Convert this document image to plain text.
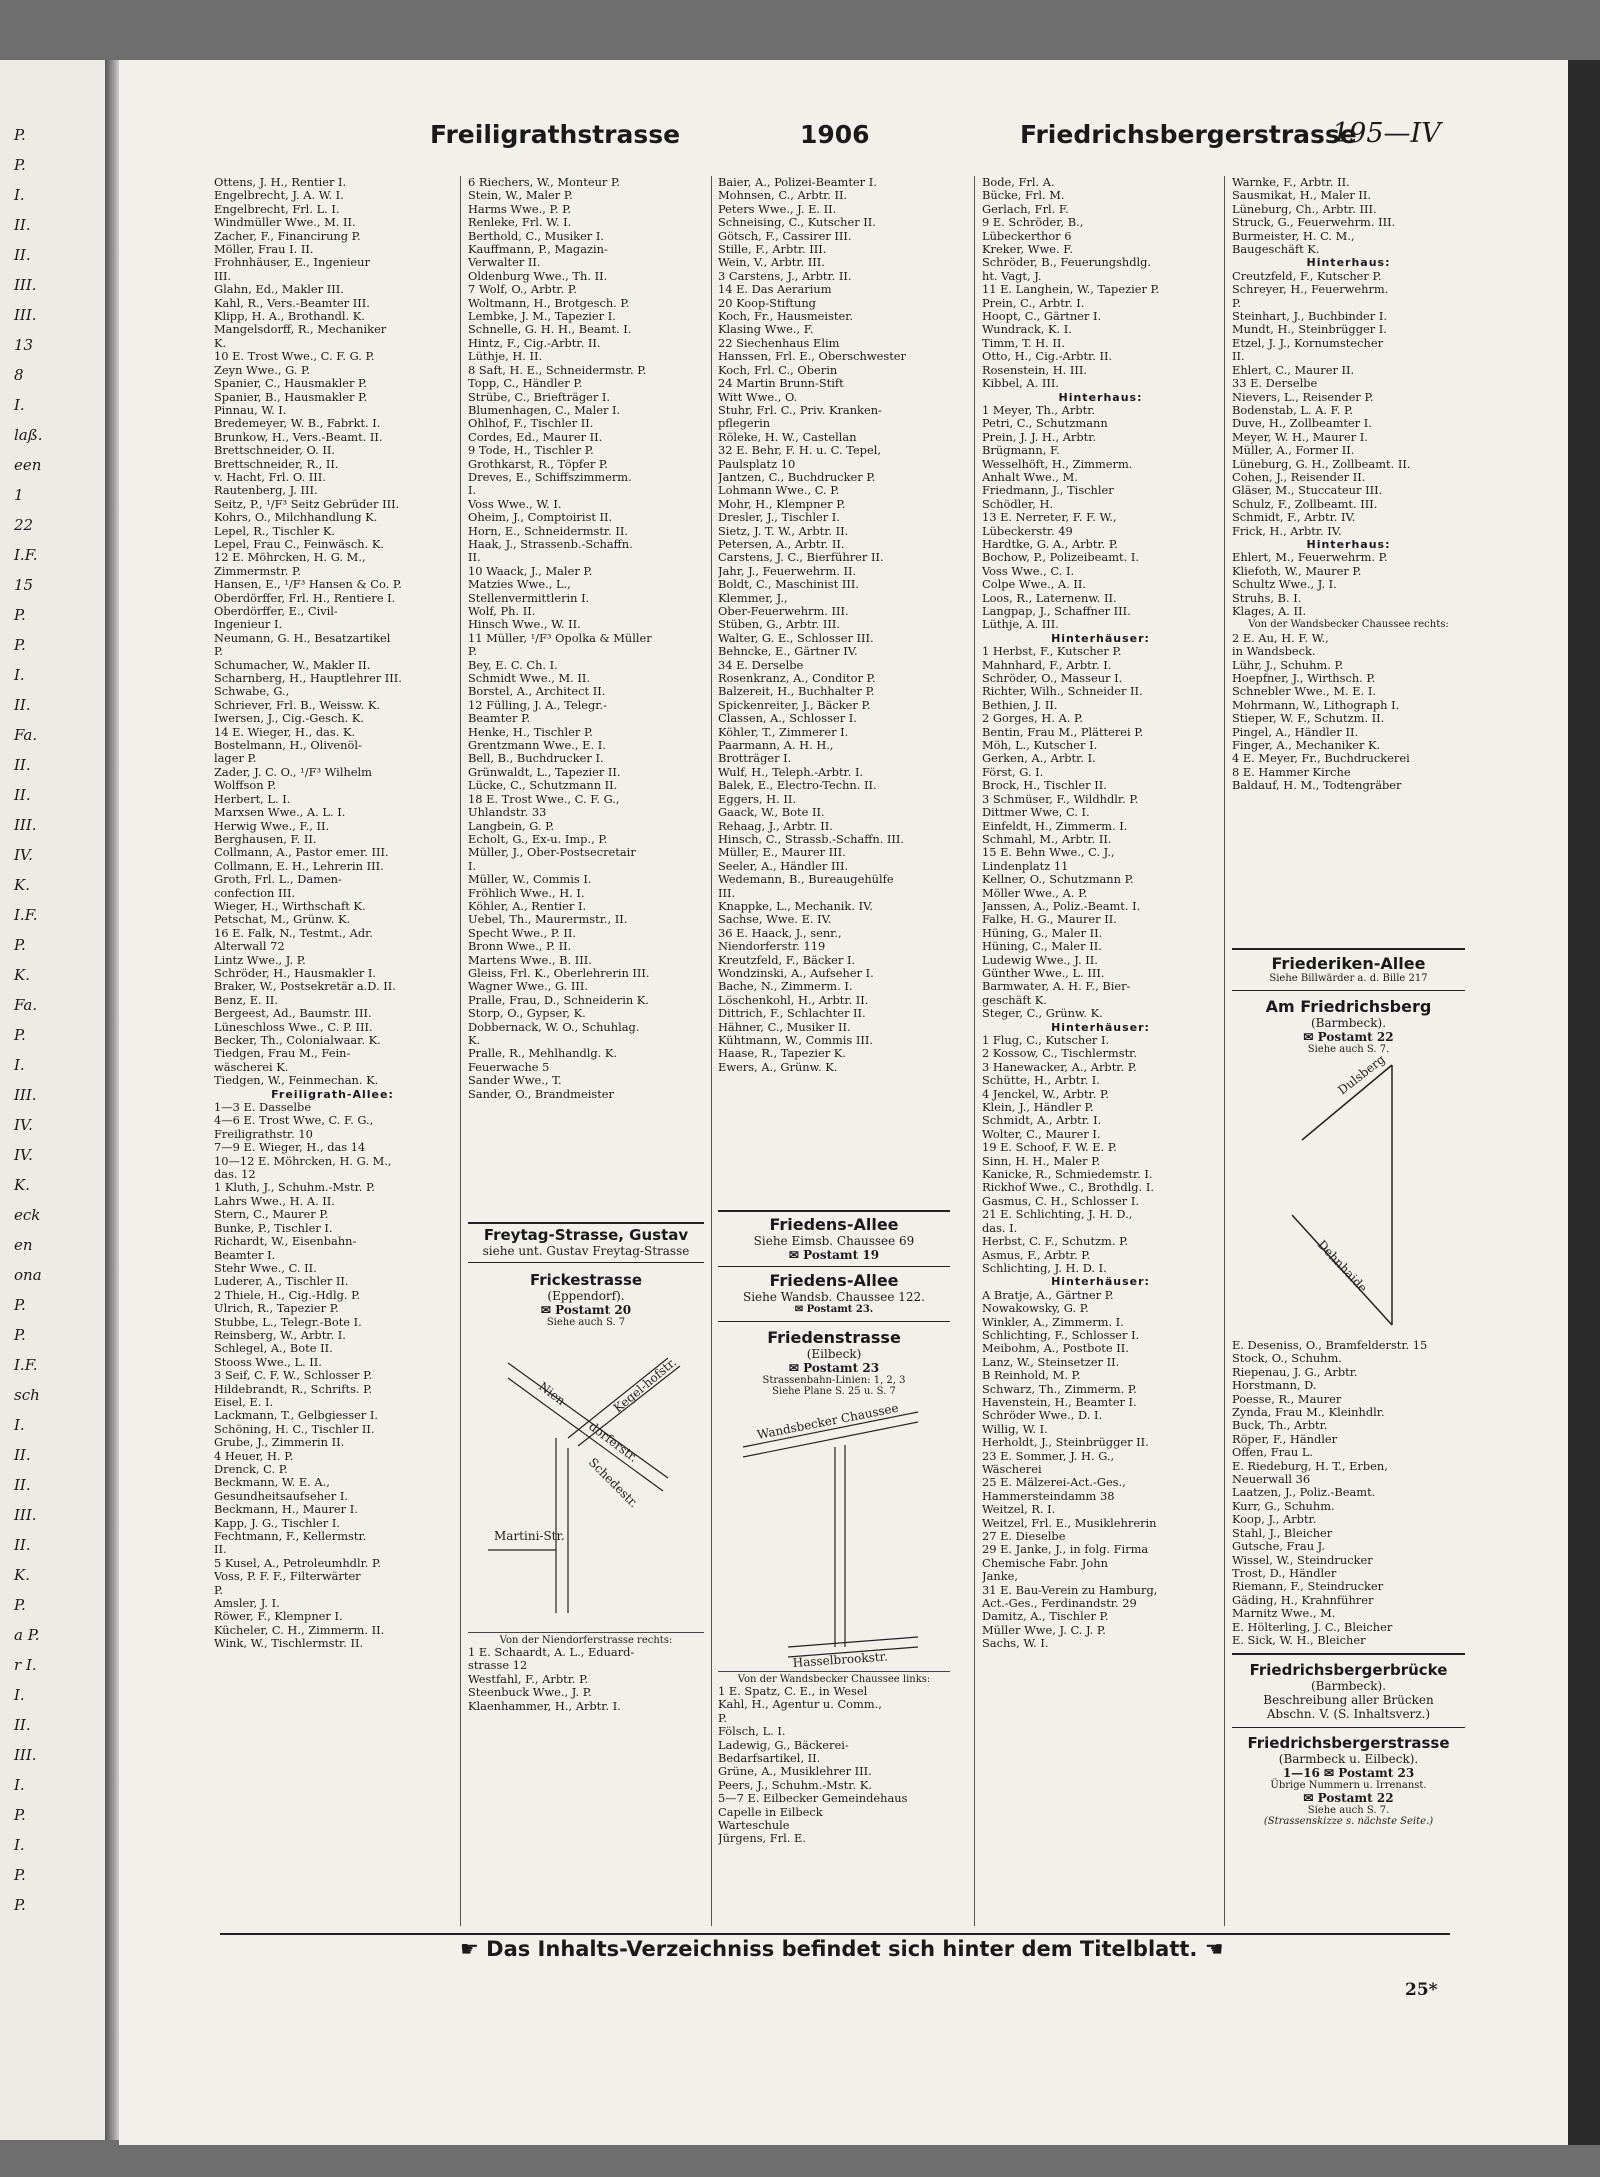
P.
P.
I.
II.
II.
III.
III.
13
8
I.
laß.
een
1
22
I.F.
15
P.
P.
I.
II.
Fa.
II.
II.
III.
IV.
K.
I.F.
P.
K.
Fa.
P.
I.
III.
IV.
IV.
K.
eck
en
ona
P.
P.
I.F.
sch
I.
II.
II.
III.
II.
K.
P.
a P.
r I.
I.
II.
III.
I.
P.
I.
P.
P.
Freiligrathstrasse	1906	Friedrichsbergerstrasse
195—IV
Ottens, J. H., Rentier I.
Engelbrecht, J. A. W. I.
Engelbrecht, Frl. L. I.
Windmüller Wwe., M. II.
Zacher, F., Financirung P.
Möller, Frau I. II.
Frohnhäuser, E., Ingenieur
III.
Glahn, Ed., Makler III.
Kahl, R., Vers.-Beamter III.
Klipp, H. A., Brothandl. K.
Mangelsdorff, R., Mechaniker
K.
10 E. Trost Wwe., C. F. G. P.
Zeyn Wwe., G. P.
Spanier, C., Hausmakler P.
Spanier, B., Hausmakler P.
Pinnau, W. I.
Bredemeyer, W. B., Fabrkt. I.
Brunkow, H., Vers.-Beamt. II.
Brettschneider, O. II.
Brettschneider, R., II.
v. Hacht, Frl. O. III.
Rautenberg, J. III.
Seitz, P., ¹/F³ Seitz Gebrüder III.
Kohrs, O., Milchhandlung K.
Lepel, R., Tischler K.
Lepel, Frau C., Feinwäsch. K.
12 E. Möhrcken, H. G. M.,
Zimmermstr. P.
Hansen, E., ¹/F³ Hansen & Co. P.
Oberdörffer, Frl. H., Rentiere I.
Oberdörffer, E., Civil-
Ingenieur I.
Neumann, G. H., Besatzartikel
P.
Schumacher, W., Makler II.
Scharnberg, H., Hauptlehrer III.
Schwabe, G.,
Schriever, Frl. B., Weissw. K.
Iwersen, J., Cig.-Gesch. K.
14 E. Wieger, H., das. K.
Bostelmann, H., Olivenöl-
lager P.
Zader, J. C. O., ¹/F³ Wilhelm
Wolffson P.
Herbert, L. I.
Marxsen Wwe., A. L. I.
Herwig Wwe., F., II.
Berghausen, F. II.
Collmann, A., Pastor emer. III.
Collmann, E. H., Lehrerin III.
Groth, Frl. L., Damen-
confection III.
Wieger, H., Wirthschaft K.
Petschat, M., Grünw. K.
16 E. Falk, N., Testmt., Adr.
Alterwall 72
Lintz Wwe., J. P.
Schröder, H., Hausmakler I.
Braker, W., Postsekretär a.D. II.
Benz, E. II.
Bergeest, Ad., Baumstr. III.
Lüneschloss Wwe., C. P. III.
Becker, Th., Colonialwaar. K.
Tiedgen, Frau M., Fein-
wäscherei K.
Tiedgen, W., Feinmechan. K.
Freiligrath-Allee:
1—3 E. Dasselbe
4—6 E. Trost Wwe, C. F. G.,
Freiligrathstr. 10
7—9 E. Wieger, H., das 14
10—12 E. Möhrcken, H. G. M.,
das. 12
1 Kluth, J., Schuhm.-Mstr. P.
Lahrs Wwe., H. A. II.
Stern, C., Maurer P.
Bunke, P., Tischler I.
Richardt, W., Eisenbahn-
Beamter I.
Stehr Wwe., C. II.
Luderer, A., Tischler II.
2 Thiele, H., Cig.-Hdlg. P.
Ulrich, R., Tapezier P.
Stubbe, L., Telegr.-Bote I.
Reinsberg, W., Arbtr. I.
Schlegel, A., Bote II.
Stooss Wwe., L. II.
3 Seif, C. F. W., Schlosser P.
Hildebrandt, R., Schrifts. P.
Eisel, E. I.
Lackmann, T., Gelbgiesser I.
Schöning, H. C., Tischler II.
Grube, J., Zimmerin II.
4 Heuer, H. P.
Drenck, C. P.
Beckmann, W. E. A.,
Gesundheitsaufseher I.
Beckmann, H., Maurer I.
Kapp, J. G., Tischler I.
Fechtmann, F., Kellermstr.
II.
5 Kusel, A., Petroleumhdlr. P.
Voss, P. F. F., Filterwärter
P.
Amsler, J. I.
Röwer, F., Klempner I.
Kücheler, C. H., Zimmerm. II.
Wink, W., Tischlermstr. II.
6 Riechers, W., Monteur P.
Stein, W., Maler P.
Harms Wwe., P. P.
Renleke, Frl. W. I.
Berthold, C., Musiker I.
Kauffmann, P., Magazin-
Verwalter II.
Oldenburg Wwe., Th. II.
7 Wolf, O., Arbtr. P.
Woltmann, H., Brotgesch. P.
Lembke, J. M., Tapezier I.
Schnelle, G. H. H., Beamt. I.
Hintz, F., Cig.-Arbtr. II.
Lüthje, H. II.
8 Saft, H. E., Schneidermstr. P.
Topp, C., Händler P.
Strübe, C., Briefträger I.
Blumenhagen, C., Maler I.
Ohlhof, F., Tischler II.
Cordes, Ed., Maurer II.
9 Tode, H., Tischler P.
Grothkarst, R., Töpfer P.
Dreves, E., Schiffszimmerm.
I.
Voss Wwe., W. I.
Oheim, J., Comptoirist II.
Horn, E., Schneidermstr. II.
Haak, J., Strassenb.-Schaffn.
II.
10 Waack, J., Maler P.
Matzies Wwe., L.,
Stellenvermittlerin I.
Wolf, Ph. II.
Hinsch Wwe., W. II.
11 Müller, ¹/F³ Opolka & Müller
P.
Bey, E. C. Ch. I.
Schmidt Wwe., M. II.
Borstel, A., Architect II.
12 Fülling, J. A., Telegr.-
Beamter P.
Henke, H., Tischler P.
Grentzmann Wwe., E. I.
Bell, B., Buchdrucker I.
Grünwaldt, L., Tapezier II.
Lücke, C., Schutzmann II.
18 E. Trost Wwe., C. F. G.,
Uhlandstr. 33
Langbein, G. P.
Echolt, G., Ex-u. Imp., P.
Müller, J., Ober-Postsecretair
I.
Müller, W., Commis I.
Fröhlich Wwe., H. I.
Köhler, A., Rentier I.
Uebel, Th., Maurermstr., II.
Specht Wwe., P. II.
Bronn Wwe., P. II.
Martens Wwe., B. III.
Gleiss, Frl. K., Oberlehrerin III.
Wagner Wwe., G. III.
Pralle, Frau, D., Schneiderin K.
Storp, O., Gypser, K.
Dobbernack, W. O., Schuhlag.
K.
Pralle, R., Mehlhandlg. K.
Feuerwache 5
Sander Wwe., T.
Sander, O., Brandmeister
Baier, A., Polizei-Beamter I.
Mohnsen, C., Arbtr. II.
Peters Wwe., J. E. II.
Schneising, C., Kutscher II.
Götsch, F., Cassirer III.
Stille, F., Arbtr. III.
Wein, V., Arbtr. III.
3 Carstens, J., Arbtr. II.
14 E. Das Aerarium
20 Koop-Stiftung
Koch, Fr., Hausmeister.
Klasing Wwe., F.
22 Siechenhaus Elim
Hanssen, Frl. E., Oberschwester
Koch, Frl. C., Oberin
24 Martin Brunn-Stift
Witt Wwe., O.
Stuhr, Frl. C., Priv. Kranken-
pflegerin
Röleke, H. W., Castellan
32 E. Behr, F. H. u. C. Tepel,
Paulsplatz 10
Jantzen, C., Buchdrucker P.
Lohmann Wwe., C. P.
Mohr, H., Klempner P.
Dresler, J., Tischler I.
Sietz, J. T. W., Arbtr. II.
Petersen, A., Arbtr. II.
Carstens, J. C., Bierführer II.
Jahr, J., Feuerwehrm. II.
Boldt, C., Maschinist III.
Klemmer, J.,
Ober-Feuerwehrm. III.
Stüben, G., Arbtr. III.
Walter, G. E., Schlosser III.
Behncke, E., Gärtner IV.
34 E. Derselbe
Rosenkranz, A., Conditor P.
Balzereit, H., Buchhalter P.
Spickenreiter, J., Bäcker P.
Classen, A., Schlosser I.
Köhler, T., Zimmerer I.
Paarmann, A. H. H.,
Brotträger I.
Wulf, H., Teleph.-Arbtr. I.
Balek, E., Electro-Techn. II.
Eggers, H. II.
Gaack, W., Bote II.
Rehaag, J., Arbtr. II.
Hinsch, C., Strassb.-Schaffn. III.
Müller, E., Maurer III.
Seeler, A., Händler III.
Wedemann, B., Bureaugehülfe
III.
Knappke, L., Mechanik. IV.
Sachse, Wwe. E. IV.
36 E. Haack, J., senr.,
Niendorferstr. 119
Kreutzfeld, F., Bäcker I.
Wondzinski, A., Aufseher I.
Bache, N., Zimmerm. I.
Löschenkohl, H., Arbtr. II.
Dittrich, F., Schlachter II.
Hähner, C., Musiker II.
Kühtmann, W., Commis III.
Haase, R., Tapezier K.
Ewers, A., Grünw. K.
Bode, Frl. A.
Bücke, Frl. M.
Gerlach, Frl. F.
9 E. Schröder, B.,
Lübeckerthor 6
Kreker, Wwe. F.
Schröder, B., Feuerungshdlg.
ht. Vagt, J.
11 E. Langhein, W., Tapezier P.
Prein, C., Arbtr. I.
Hoopt, C., Gärtner I.
Wundrack, K. I.
Timm, T. H. II.
Otto, H., Cig.-Arbtr. II.
Rosenstein, H. III.
Kibbel, A. III.
Hinterhaus:
1 Meyer, Th., Arbtr.
Petri, C., Schutzmann
Prein, J. J. H., Arbtr.
Brügmann, F.
Wesselhöft, H., Zimmerm.
Anhalt Wwe., M.
Friedmann, J., Tischler
Schödler, H.
13 E. Nerreter, F. F. W.,
Lübeckerstr. 49
Hardtke, G. A., Arbtr. P.
Bochow, P., Polizeibeamt. I.
Voss Wwe., C. I.
Colpe Wwe., A. II.
Loos, R., Laternenw. II.
Langpap, J., Schaffner III.
Lüthje, A. III.
Hinterhäuser:
1 Herbst, F., Kutscher P.
Mahnhard, F., Arbtr. I.
Schröder, O., Masseur I.
Richter, Wilh., Schneider II.
Bethien, J. II.
2 Gorges, H. A. P.
Bentin, Frau M., Plätterei P.
Möh, L., Kutscher I.
Gerken, A., Arbtr. I.
Först, G. I.
Brock, H., Tischler II.
3 Schmüser, F., Wildhdlr. P.
Dittmer Wwe, C. I.
Einfeldt, H., Zimmerm. I.
Schmahl, M., Arbtr. II.
15 E. Behn Wwe., C. J.,
Lindenplatz 11
Kellner, O., Schutzmann P.
Möller Wwe., A. P.
Janssen, A., Poliz.-Beamt. I.
Falke, H. G., Maurer II.
Hüning, G., Maler II.
Hüning, C., Maler II.
Ludewig Wwe., J. II.
Günther Wwe., L. III.
Barmwater, A. H. F., Bier-
geschäft K.
Steger, C., Grünw. K.
Hinterhäuser:
1 Flug, C., Kutscher I.
2 Kossow, C., Tischlermstr.
3 Hanewacker, A., Arbtr. P.
Schütte, H., Arbtr. I.
4 Jenckel, W., Arbtr. P.
Klein, J., Händler P.
Schmidt, A., Arbtr. I.
Wolter, C., Maurer I.
19 E. Schoof, F. W. E. P.
Sinn, H. H., Maler P.
Kanicke, R., Schmiedemstr. I.
Rickhof Wwe., C., Brothdlg. I.
Gasmus, C. H., Schlosser I.
21 E. Schlichting, J. H. D.,
das. I.
Herbst, C. F., Schutzm. P.
Asmus, F., Arbtr. P.
Schlichting, J. H. D. I.
Hinterhäuser:
A Bratje, A., Gärtner P.
Nowakowsky, G. P.
Winkler, A., Zimmerm. I.
Schlichting, F., Schlosser I.
Meibohm, A., Postbote II.
Lanz, W., Steinsetzer II.
B Reinhold, M. P.
Schwarz, Th., Zimmerm. P.
Havenstein, H., Beamter I.
Schröder Wwe., D. I.
Willig, W. I.
Herholdt, J., Steinbrügger II.
23 E. Sommer, J. H. G.,
Wäscherei
25 E. Mälzerei-Act.-Ges.,
Hammersteindamm 38
Weitzel, R. I.
Weitzel, Frl. E., Musiklehrerin
27 E. Dieselbe
29 E. Janke, J., in folg. Firma
Chemische Fabr. John
Janke,
31 E. Bau-Verein zu Hamburg,
Act.-Ges., Ferdinandstr. 29
Damitz, A., Tischler P.
Müller Wwe, J. C. J. P.
Sachs, W. I.
Warnke, F., Arbtr. II.
Sausmikat, H., Maler II.
Lüneburg, Ch., Arbtr. III.
Struck, G., Feuerwehrm. III.
Burmeister, H. C. M.,
Baugeschäft K.
Hinterhaus:
Creutzfeld, F., Kutscher P.
Schreyer, H., Feuerwehrm.
P.
Steinhart, J., Buchbinder I.
Mundt, H., Steinbrügger I.
Etzel, J. J., Kornumstecher
II.
Ehlert, C., Maurer II.
33 E. Derselbe
Nievers, L., Reisender P.
Bodenstab, L. A. F. P.
Duve, H., Zollbeamter I.
Meyer, W. H., Maurer I.
Müller, A., Former II.
Lüneburg, G. H., Zollbeamt. II.
Cohen, J., Reisender II.
Gläser, M., Stuccateur III.
Schulz, F., Zollbeamt. III.
Schmidt, F., Arbtr. IV.
Frick, H., Arbtr. IV.
Hinterhaus:
Ehlert, M., Feuerwehrm. P.
Kliefoth, W., Maurer P.
Schultz Wwe., J. I.
Struhs, B. I.
Klages, A. II.
Von der Wandsbecker Chaussee rechts:
2 E. Au, H. F. W.,
in Wandsbeck.
Lühr, J., Schuhm. P.
Hoepfner, J., Wirthsch. P.
Schnebler Wwe., M. E. I.
Mohrmann, W., Lithograph I.
Stieper, W. F., Schutzm. II.
Pingel, A., Händler II.
Finger, A., Mechaniker K.
4 E. Meyer, Fr., Buchdruckerei
8 E. Hammer Kirche
Baldauf, H. M., Todtengräber
Freytag-Strasse, Gustav
siehe unt. Gustav Freytag-Strasse
Frickestrasse
(Eppendorf).
✉ Postamt 20
Siehe auch S. 7
Kegel-hofstr.
Nien-
dorferstr.
Schedestr.
Martini-Str.
Von der Niendorferstrasse rechts:
1 E. Schaardt, A. L., Eduard-
strasse 12
Westfahl, F., Arbtr. P.
Steenbuck Wwe., J. P.
Klaenhammer, H., Arbtr. I.
Friedens-Allee
Siehe Eimsb. Chaussee 69
✉ Postamt 19
Friedens-Allee
Siehe Wandsb. Chaussee 122.
✉ Postamt 23.
Friedenstrasse
(Eilbeck)
✉ Postamt 23
Strassenbahn-Linien: 1, 2, 3
Siehe Plane S. 25 u. S. 7
Wandsbecker Chaussee
Hasselbrookstr.
Von der Wandsbecker Chaussee links:
1 E. Spatz, C. E., in Wesel
Kahl, H., Agentur u. Comm.,
P.
Fölsch, L. I.
Ladewig, G., Bäckerei-
Bedarfsartikel, II.
Grüne, A., Musiklehrer III.
Peers, J., Schuhm.-Mstr. K.
5—7 E. Eilbecker Gemeindehaus
Capelle in Eilbeck
Warteschule
Jürgens, Frl. E.
Friederiken-Allee
Siehe Billwärder a. d. Bille 217
Am Friedrichsberg
(Barmbeck).
✉ Postamt 22
Siehe auch S. 7.
Dulsberg
Dehnhaide
E. Deseniss, O., Bramfelderstr. 15
Stock, O., Schuhm.
Riepenau, J. G., Arbtr.
Horstmann, D.
Poesse, R., Maurer
Zynda, Frau M., Kleinhdlr.
Buck, Th., Arbtr.
Röper, F., Händler
Offen, Frau L.
E. Riedeburg, H. T., Erben,
Neuerwall 36
Laatzen, J., Poliz.-Beamt.
Kurr, G., Schuhm.
Koop, J., Arbtr.
Stahl, J., Bleicher
Gutsche, Frau J.
Wissel, W., Steindrucker
Trost, D., Händler
Riemann, F., Steindrucker
Gäding, H., Krahnführer
Marnitz Wwe., M.
E. Hölterling, J. C., Bleicher
E. Sick, W. H., Bleicher
Friedrichsbergerbrücke
(Barmbeck).
Beschreibung aller Brücken
Abschn. V. (S. Inhaltsverz.)
Friedrichsbergerstrasse
(Barmbeck u. Eilbeck).
1—16 ✉ Postamt 23
Übrige Nummern u. Irrenanst.
✉ Postamt 22
Siehe auch S. 7.
(Strassenskizze s. nächste Seite.)
☛ Das Inhalts-Verzeichniss befindet sich hinter dem Titelblatt. ☚
25*
